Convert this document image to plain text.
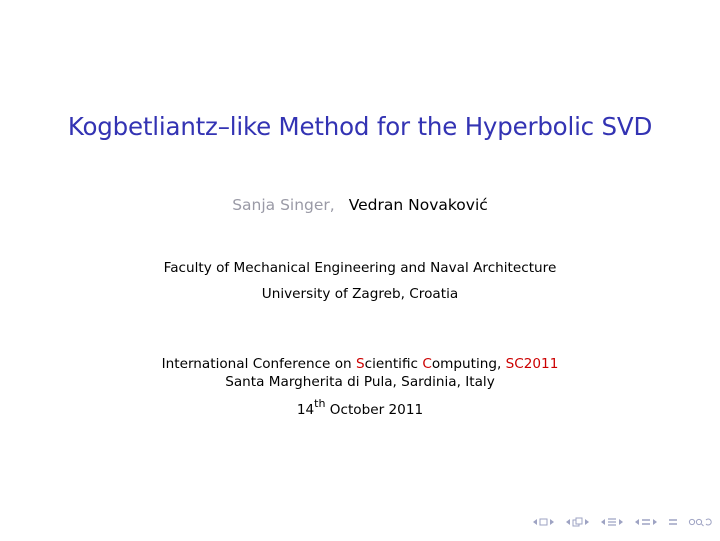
Kogbetliantz–like Method for the Hyperbolic SVD
Sanja Singer, Vedran Novaković
Faculty of Mechanical Engineering and Naval Architecture
University of Zagreb, Croatia
International Conference on Scientific Computing, SC2011
Santa Margherita di Pula, Sardinia, Italy
14th October 2011
